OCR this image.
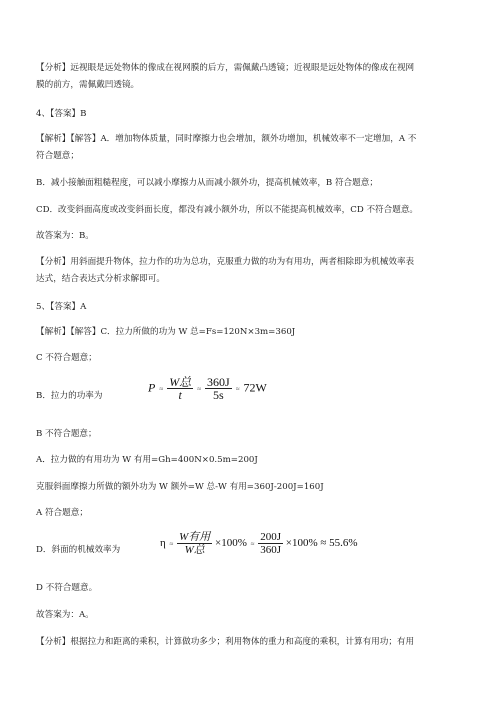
【分析】远视眼是远处物体的像成在视网膜的后方，需佩戴凸透镜；近视眼是远处物体的像成在视网
膜的前方，需佩戴凹透镜。
4、【答案】B
【解析】【解答】A．增加物体质量，同时摩擦力也会增加，额外功增加，机械效率不一定增加，A 不
符合题意；
B．减小接触面粗糙程度，可以减小摩擦力从而减小额外功，提高机械效率，B 符合题意；
CD．改变斜面高度或改变斜面长度，都没有减小额外功，所以不能提高机械效率，CD 不符合题意。
故答案为：B。
【分析】用斜面提升物体，拉力作的功为总功，克服重力做的功为有用功，两者相除即为机械效率表
达式，结合表达式分析求解即可。
5、【答案】A
【解析】【解答】C．拉力所做的功为 W 总=Fs=120N×3m=360J
C 不符合题意；
B．拉力的功率为
$P \approx \frac{\text{W总}}{t} \approx \frac{360J}{5s} \approx 72W$
B 不符合题意；
A．拉力做的有用功为 W 有用=Gh=400N×0.5m=200J
克服斜面摩擦力所做的额外功为 W 额外=W 总-W 有用=360J-200J=160J
A 符合题意；
D．斜面的机械效率为
$\eta \approx \frac{\text{W有用}}{\text{W总}} \times 100\% \approx \frac{200J}{360J} \times 100\% \approx 55.6\%$
D 不符合题意。
故答案为：A。
【分析】根据拉力和距离的乘积，计算做功多少；利用物体的重力和高度的乘积，计算有用功；有用
